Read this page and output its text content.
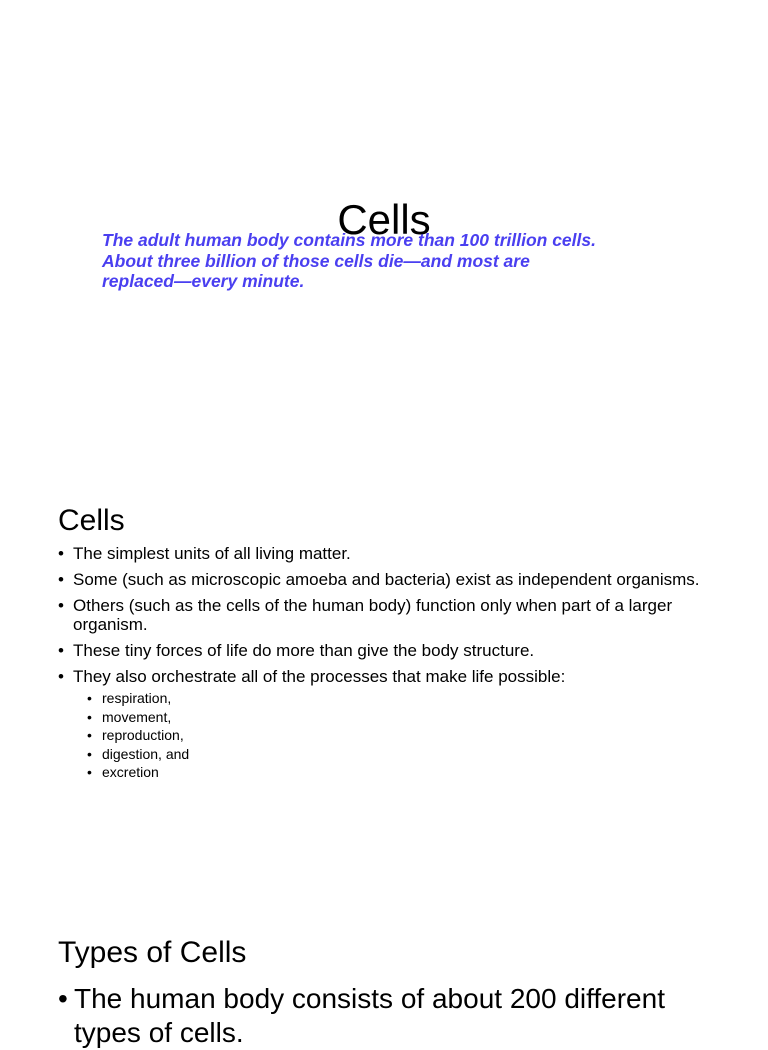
Cells
The adult human body contains more than 100 trillion cells.
About three billion of those cells die—and most are
replaced—every minute.
Cells
• The simplest units of all living matter.
• Some (such as microscopic amoeba and bacteria) exist as independent organisms.
• Others (such as the cells of the human body) function only when part of a larger organism.
• These tiny forces of life do more than give the body structure.
• They also orchestrate all of the processes that make life possible:
• respiration,
• movement,
• reproduction,
• digestion, and
• excretion
Types of Cells
• The human body consists of about 200 different types of cells.
